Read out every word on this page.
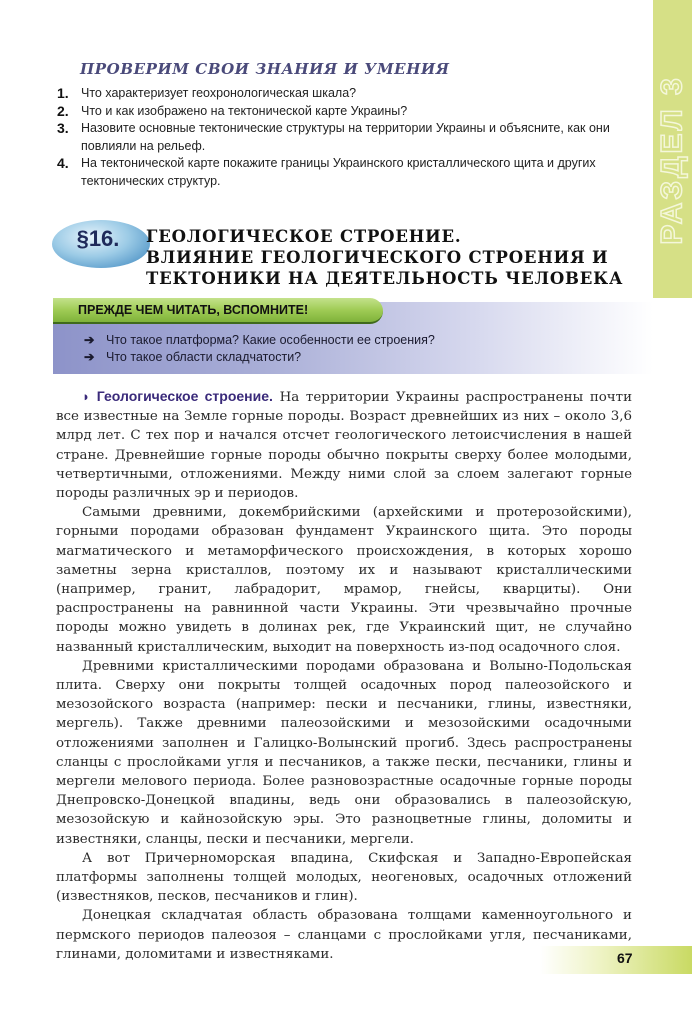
РАЗДЕЛ 3
ПРОВЕРИМ СВОИ ЗНАНИЯ И УМЕНИЯ
1. Что характеризует геохронологическая шкала?
2. Что и как изображено на тектонической карте Украины?
3. Назовите основные тектонические структуры на территории Украины и объясните, как они повлияли на рельеф.
4. На тектонической карте покажите границы Украинского кристаллического щита и других тектонических структур.
§16. ГЕОЛОГИЧЕСКОЕ СТРОЕНИЕ.
ВЛИЯНИЕ ГЕОЛОГИЧЕСКОГО СТРОЕНИЯ И
ТЕКТОНИКИ НА ДЕЯТЕЛЬНОСТЬ ЧЕЛОВЕКА
ПРЕЖДЕ ЧЕМ ЧИТАТЬ, ВСПОМНИТЕ!
➔ Что такое платформа? Какие особенности ее строения?
➔ Что такое области складчатости?

◗ Геологическое строение. На территории Украины распространены почти все известные на Земле горные породы. Возраст древнейших из них – около 3,6 млрд лет. С тех пор и начался отсчет геологического летоисчисления в нашей стране. Древнейшие горные породы обычно покрыты сверху более молодыми, четвертичными, отложениями. Между ними слой за слоем залегают горные породы различных эр и периодов.

Самыми древними, докембрийскими (архейскими и протерозойскими), горными породами образован фундамент Украинского щита. Это породы магматического и метаморфического происхождения, в которых хорошо заметны зерна кристаллов, поэтому их и называют кристаллическими (например, гранит, лабрадорит, мрамор, гнейсы, кварциты). Они распространены на равнинной части Украины. Эти чрезвычайно прочные породы можно увидеть в долинах рек, где Украинский щит, не случайно названный кристаллическим, выходит на поверхность из-под осадочного слоя.

Древними кристаллическими породами образована и Волыно-Подольская плита. Сверху они покрыты толщей осадочных пород палеозойского и мезозойского возраста (например: пески и песчаники, глины, известняки, мергель). Также древними палеозойскими и мезозойскими осадочными отложениями заполнен и Галицко-Волынский прогиб. Здесь распространены сланцы с прослойками угля и песчаников, а также пески, песчаники, глины и мергели мелового периода. Более разновозрастные осадочные горные породы Днепровско-Донецкой впадины, ведь они образовались в палеозойскую, мезозойскую и кайнозойскую эры. Это разноцветные глины, доломиты и известняки, сланцы, пески и песчаники, мергели.

А вот Причерноморская впадина, Скифская и Западно-Европейская платформы заполнены толщей молодых, неогеновых, осадочных отложений (известняков, песков, песчаников и глин).

Донецкая складчатая область образована толщами каменноугольного и пермского периодов палеозоя – сланцами с прослойками угля, песчаниками, глинами, доломитами и известняками.	67
